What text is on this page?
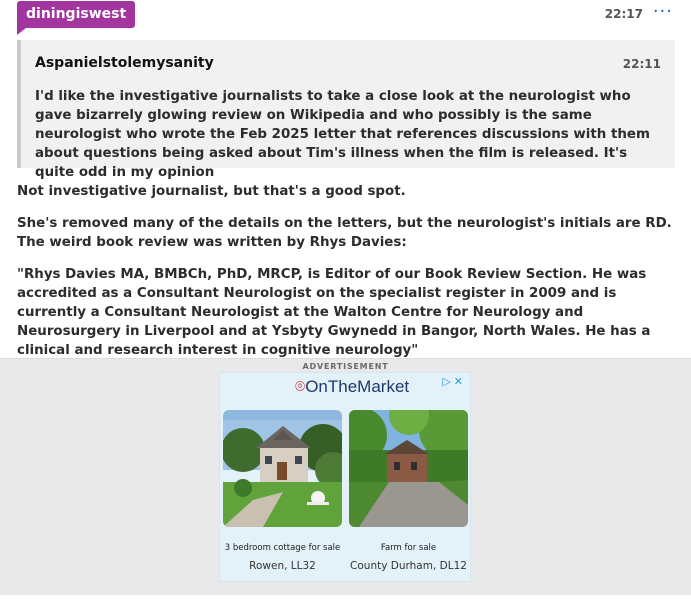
diningiswest	22:17 ···
Aspanielstolemysanity	22:11
I'd like the investigative journalists to take a close look at the neurologist who gave bizarrely glowing review on Wikipedia and who possibly is the same neurologist who wrote the Feb 2025 letter that references discussions with them about questions being asked about Tim's illness when the film is released. It's quite odd in my opinion
Not investigative journalist, but that's a good spot.
She's removed many of the details on the letters, but the neurologist's initials are RD.
The weird book review was written by Rhys Davies:
"Rhys Davies MA, BMBCh, PhD, MRCP, is Editor of our Book Review Section. He was accredited as a Consultant Neurologist on the specialist register in 2009 and is currently a Consultant Neurologist at the Walton Centre for Neurology and Neurosurgery in Liverpool and at Ysbyty Gwynedd in Bangor, North Wales. He has a clinical and research interest in cognitive neurology"
ADVERTISEMENT
⌾OnTheMarket	▷✕
3 bedroom cottage for sale
Rowen, LL32
Farm for sale
County Durham, DL12
